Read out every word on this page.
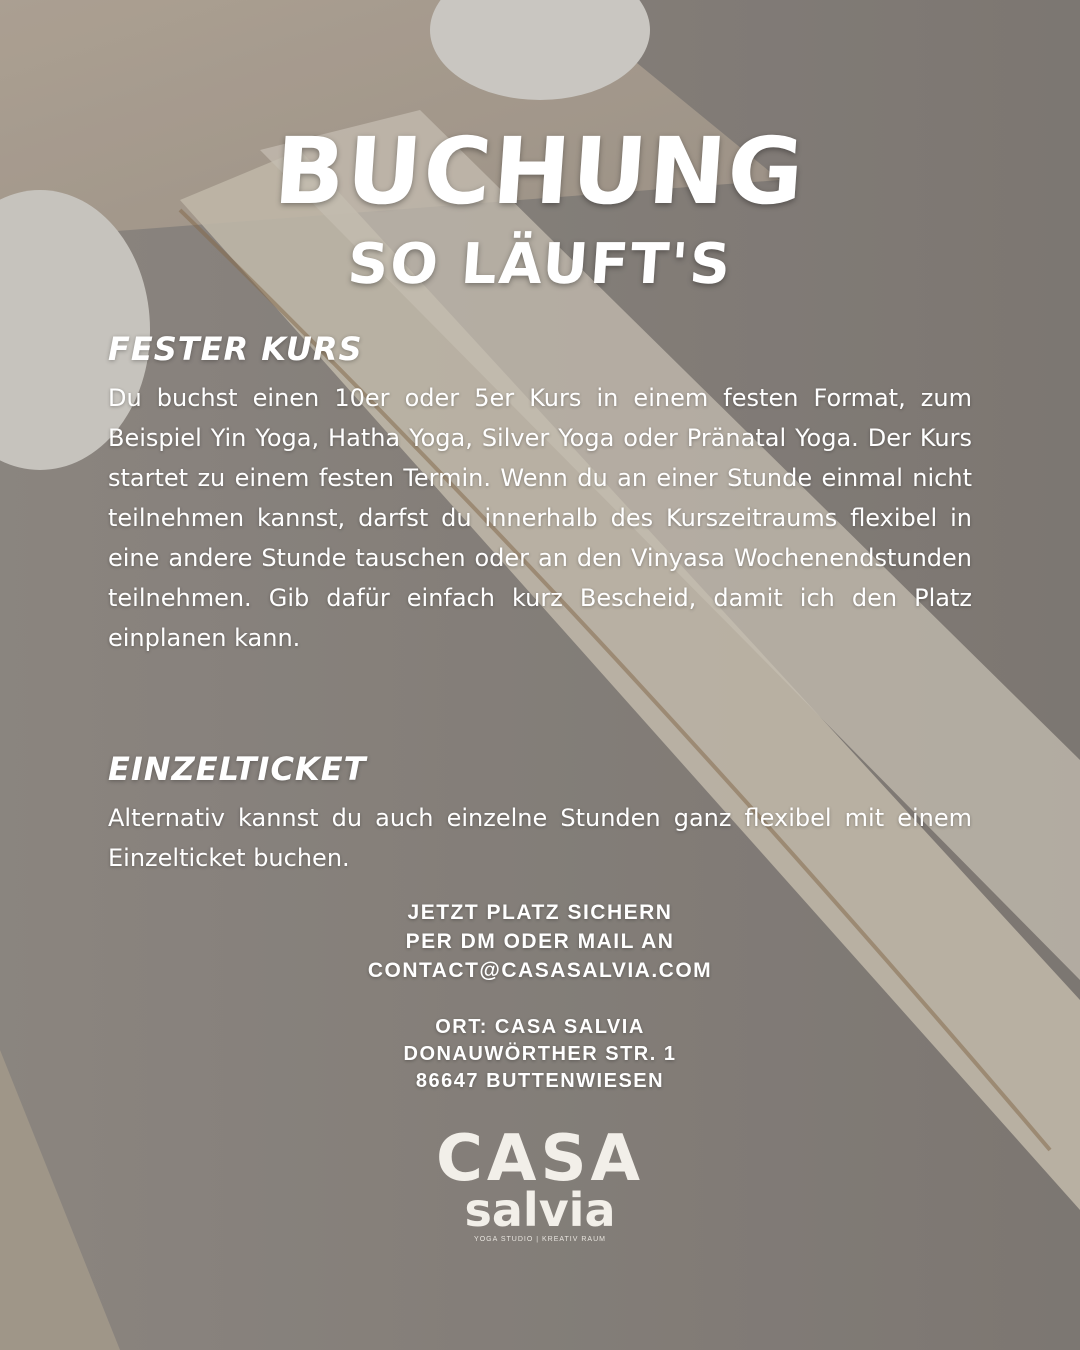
BUCHUNG
SO LÄUFT'S
FESTER KURS
Du buchst einen 10er oder 5er Kurs in einem festen Format, zum Beispiel Yin Yoga, Hatha Yoga, Silver Yoga oder Pränatal Yoga. Der Kurs startet zu einem festen Termin. Wenn du an einer Stunde einmal nicht teilnehmen kannst, darfst du innerhalb des Kurszeitraums flexibel in eine andere Stunde tauschen oder an den Vinyasa Wochenendstunden teilnehmen. Gib dafür einfach kurz Bescheid, damit ich den Platz einplanen kann.
EINZELTICKET
Alternativ kannst du auch einzelne Stunden ganz flexibel mit einem Einzelticket buchen.
JETZT PLATZ SICHERN
PER DM ODER MAIL AN
CONTACT@CASASALVIA.COM
ORT: CASA SALVIA
DONAUWÖRTHER STR. 1
86647 BUTTENWIESEN
CASA
salvia
YOGA STUDIO | KREATIV RAUM
